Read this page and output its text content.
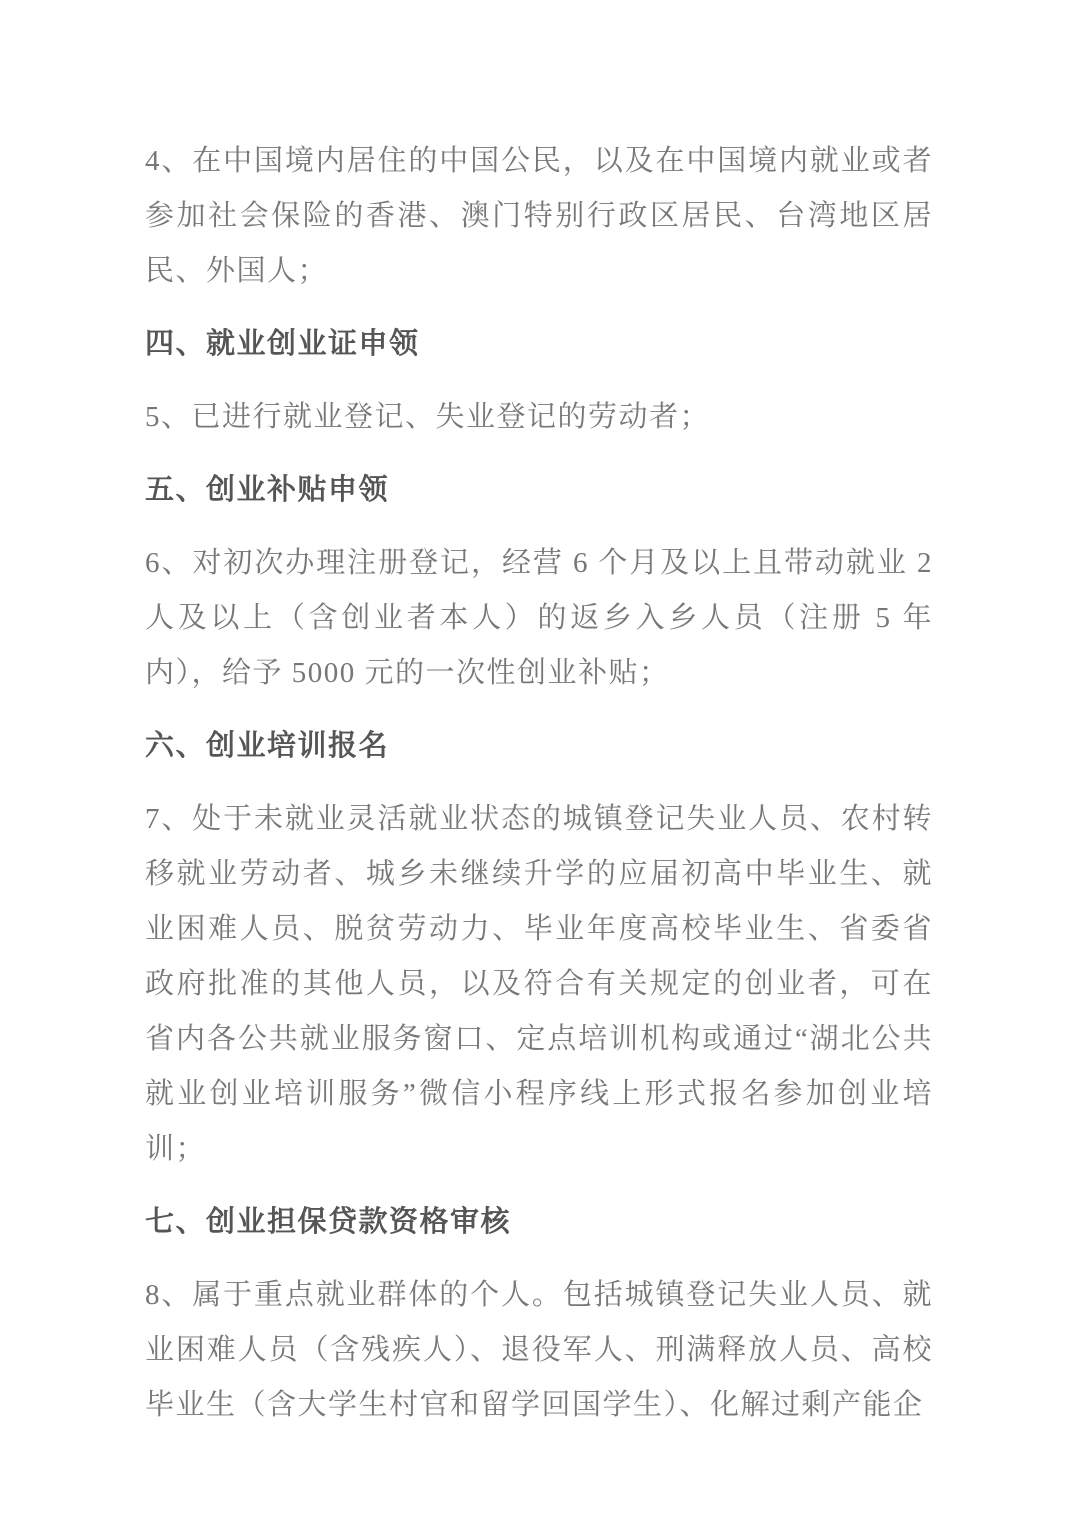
4、在中国境内居住的中国公民，以及在中国境内就业或者参加社会保险的香港、澳门特别行政区居民、台湾地区居民、外国人；

四、就业创业证申领

5、已进行就业登记、失业登记的劳动者；

五、创业补贴申领

6、对初次办理注册登记，经营 6 个月及以上且带动就业 2 人及以上（含创业者本人）的返乡入乡人员（注册 5 年内），给予 5000 元的一次性创业补贴；

六、创业培训报名

7、处于未就业灵活就业状态的城镇登记失业人员、农村转移就业劳动者、城乡未继续升学的应届初高中毕业生、就业困难人员、脱贫劳动力、毕业年度高校毕业生、省委省政府批准的其他人员，以及符合有关规定的创业者，可在省内各公共就业服务窗口、定点培训机构或通过“湖北公共就业创业培训服务”微信小程序线上形式报名参加创业培训；

七、创业担保贷款资格审核

8、属于重点就业群体的个人。包括城镇登记失业人员、就业困难人员（含残疾人）、退役军人、刑满释放人员、高校毕业生（含大学生村官和留学回国学生）、化解过剩产能企
